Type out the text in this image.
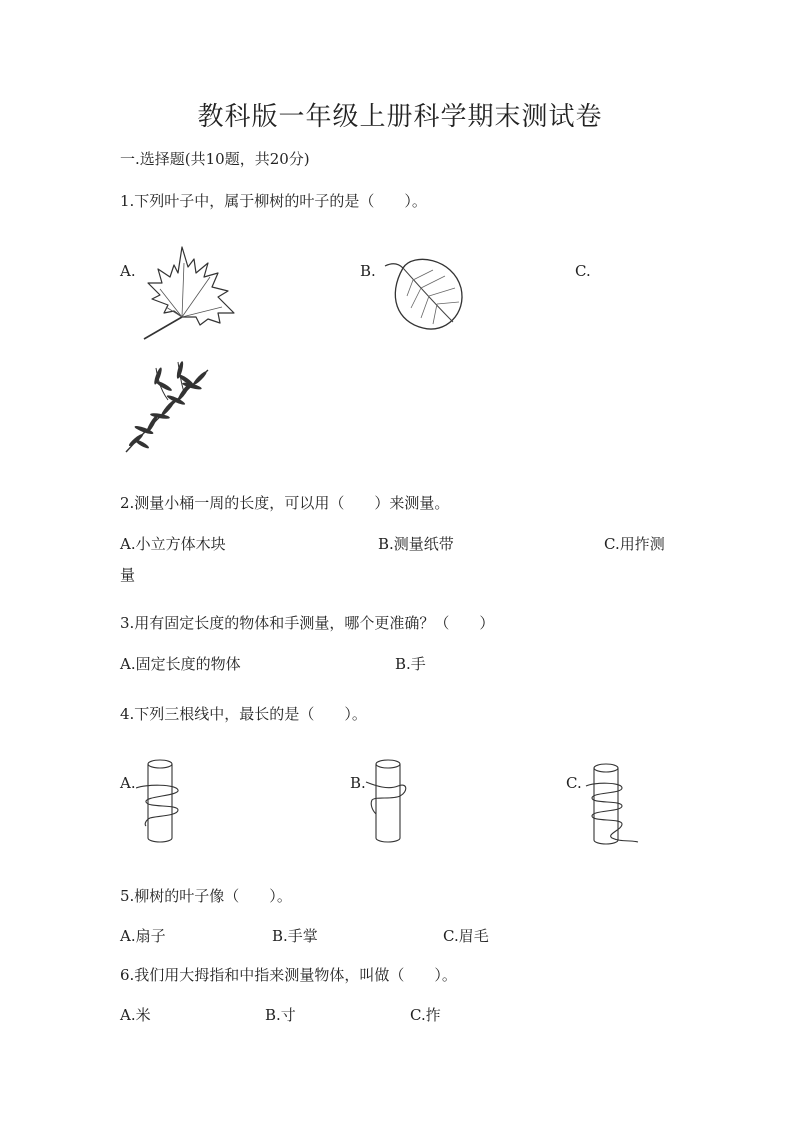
教科版一年级上册科学期末测试卷
一.选择题(共10题，共20分)
1.下列叶子中，属于柳树的叶子的是（　　）。
A.	B.	C.
2.测量小桶一周的长度，可以用（　　）来测量。
A.小立方体木块	B.测量纸带	C.用拃测
量
3.用有固定长度的物体和手测量，哪个更准确？（　　）
A.固定长度的物体	B.手
4.下列三根线中，最长的是（　　）。
A.	B.	C.
5.柳树的叶子像（　　）。
A.扇子	B.手掌	C.眉毛
6.我们用大拇指和中指来测量物体，叫做（　　）。
A.米	B.寸	C.拃
